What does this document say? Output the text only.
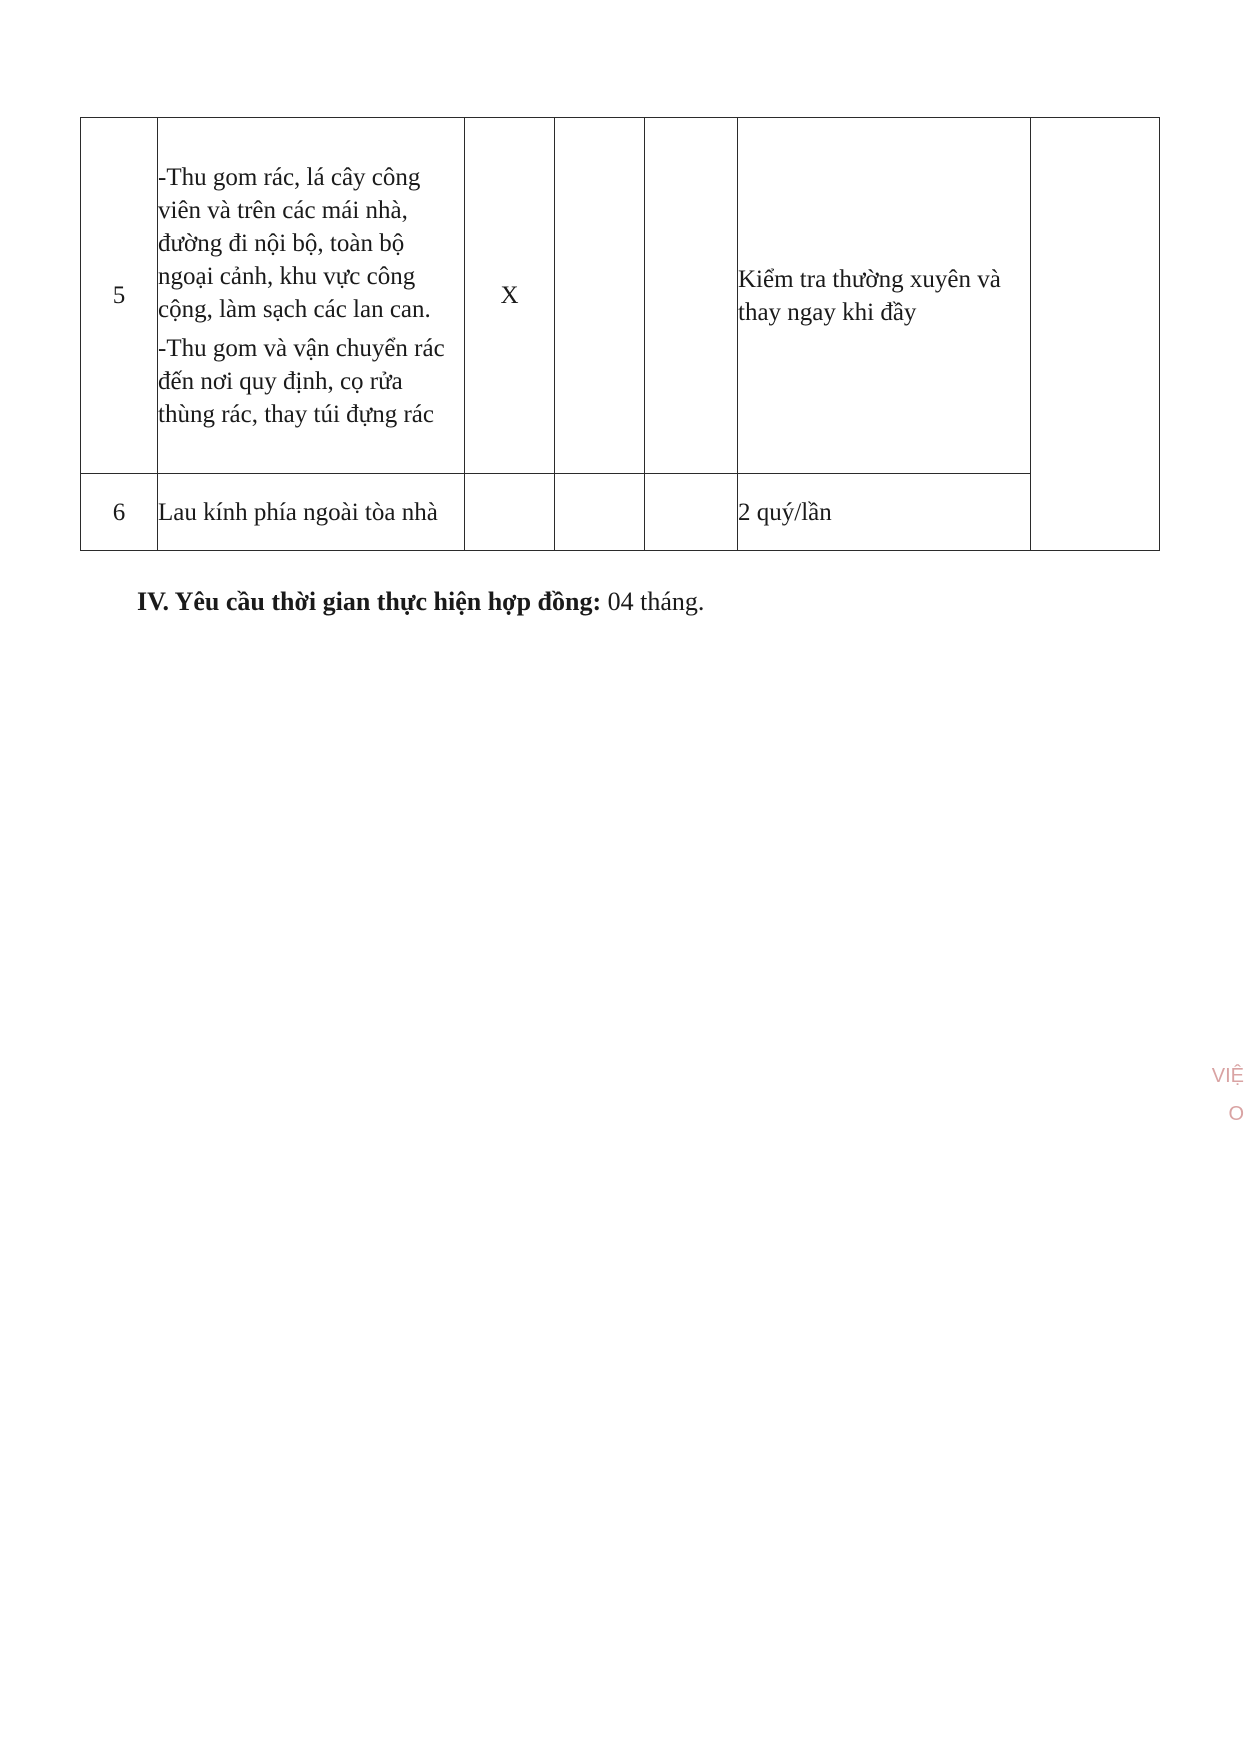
5	-Thu gom rác, lá cây công viên và trên các mái nhà, đường đi nội bộ, toàn bộ ngoại cảnh, khu vực công cộng, làm sạch các lan can.

-Thu gom và vận chuyển rác đến nơi quy định, cọ rửa thùng rác, thay túi đựng rác	X			Kiểm tra thường xuyên và thay ngay khi đầy	
6	Lau kính phía ngoài tòa nhà				2 quý/lần	
IV. Yêu cầu thời gian thực hiện hợp đồng: 04 tháng.
VIỆ
O
